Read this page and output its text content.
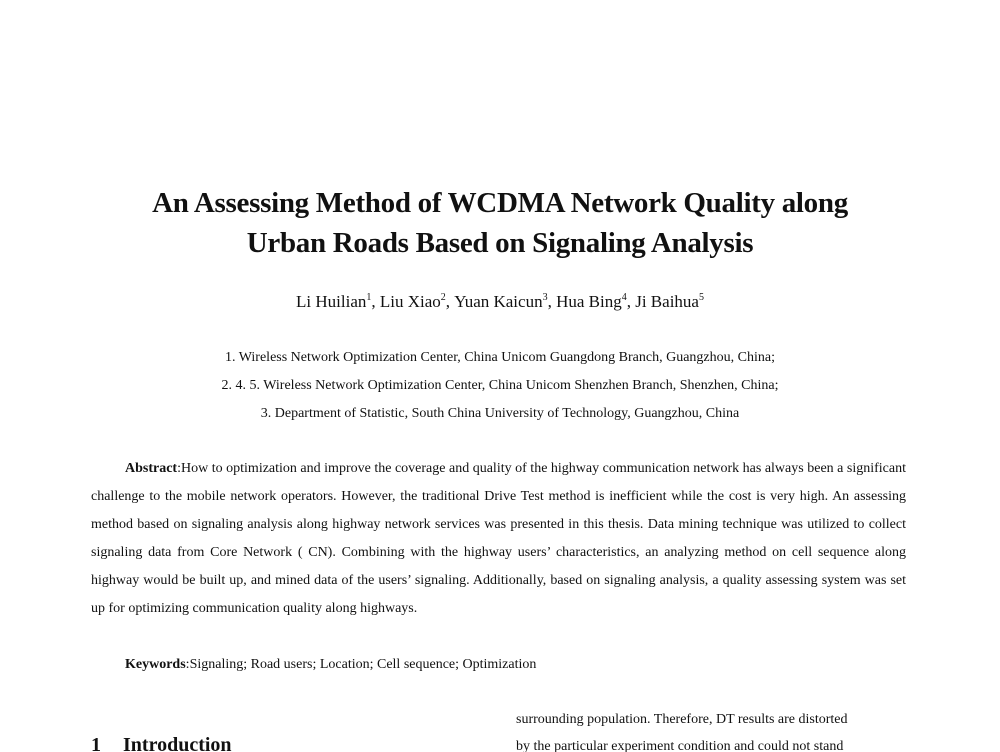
An Assessing Method of WCDMA Network Quality along
Urban Roads Based on Signaling Analysis
Li Huilian$^1$, Liu Xiao$^2$, Yuan Kaicun$^3$, Hua Bing$^4$, Ji Baihua$^5$
1. Wireless Network Optimization Center, China Unicom Guangdong Branch, Guangzhou, China;
2. 4. 5. Wireless Network Optimization Center, China Unicom Shenzhen Branch, Shenzhen, China;
3. Department of Statistic, South China University of Technology, Guangzhou, China

Abstract:How to optimization and improve the coverage and quality of the highway communication network has always been a significant challenge to the mobile network operators. However, the traditional Drive Test method is inefficient while the cost is very high. An assessing method based on signaling analysis along highway network services was presented in this thesis. Data mining technique was utilized to collect signaling data from Core Network ( CN). Combining with the highway users’ characteristics, an analyzing method on cell sequence along highway would be built up, and mined data of the users’ signaling. Additionally, based on signaling analysis, a quality assessing system was set up for optimizing communication quality along highways.

Keywords:Signaling; Road users; Location; Cell sequence; Optimization
1 Introduction

surrounding population. Therefore, DT results are distorted

by the particular experiment condition and could not stand
